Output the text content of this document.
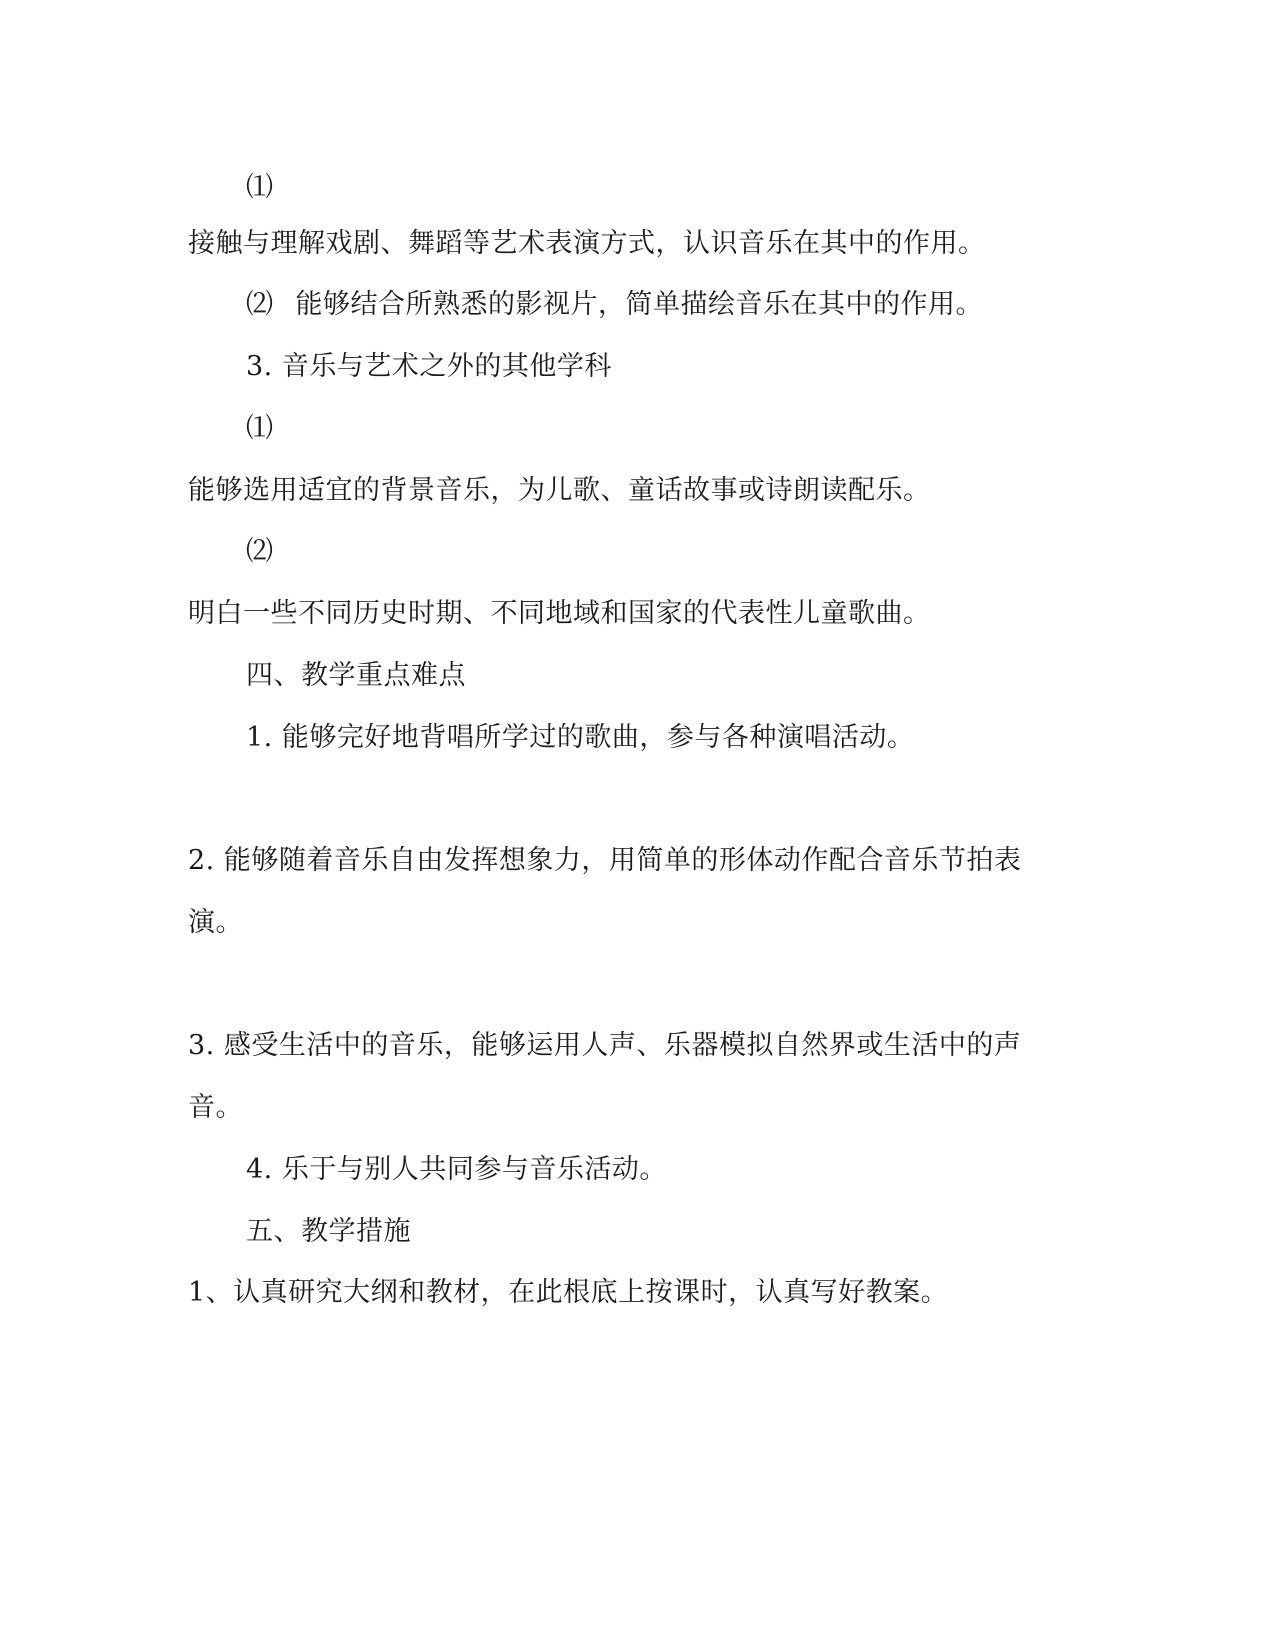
⑴
接触与理解戏剧、舞蹈等艺术表演方式，认识音乐在其中的作用。
⑵ 能够结合所熟悉的影视片，简单描绘音乐在其中的作用。
3. 音乐与艺术之外的其他学科
⑴
能够选用适宜的背景音乐，为儿歌、童话故事或诗朗读配乐。
⑵
明白一些不同历史时期、不同地域和国家的代表性儿童歌曲。
四、教学重点难点
1. 能够完好地背唱所学过的歌曲，参与各种演唱活动。
2. 能够随着音乐自由发挥想象力，用简单的形体动作配合音乐节拍表
演。
3. 感受生活中的音乐，能够运用人声、乐器模拟自然界或生活中的声
音。
4. 乐于与别人共同参与音乐活动。
五、教学措施
1、认真研究大纲和教材，在此根底上按课时，认真写好教案。
